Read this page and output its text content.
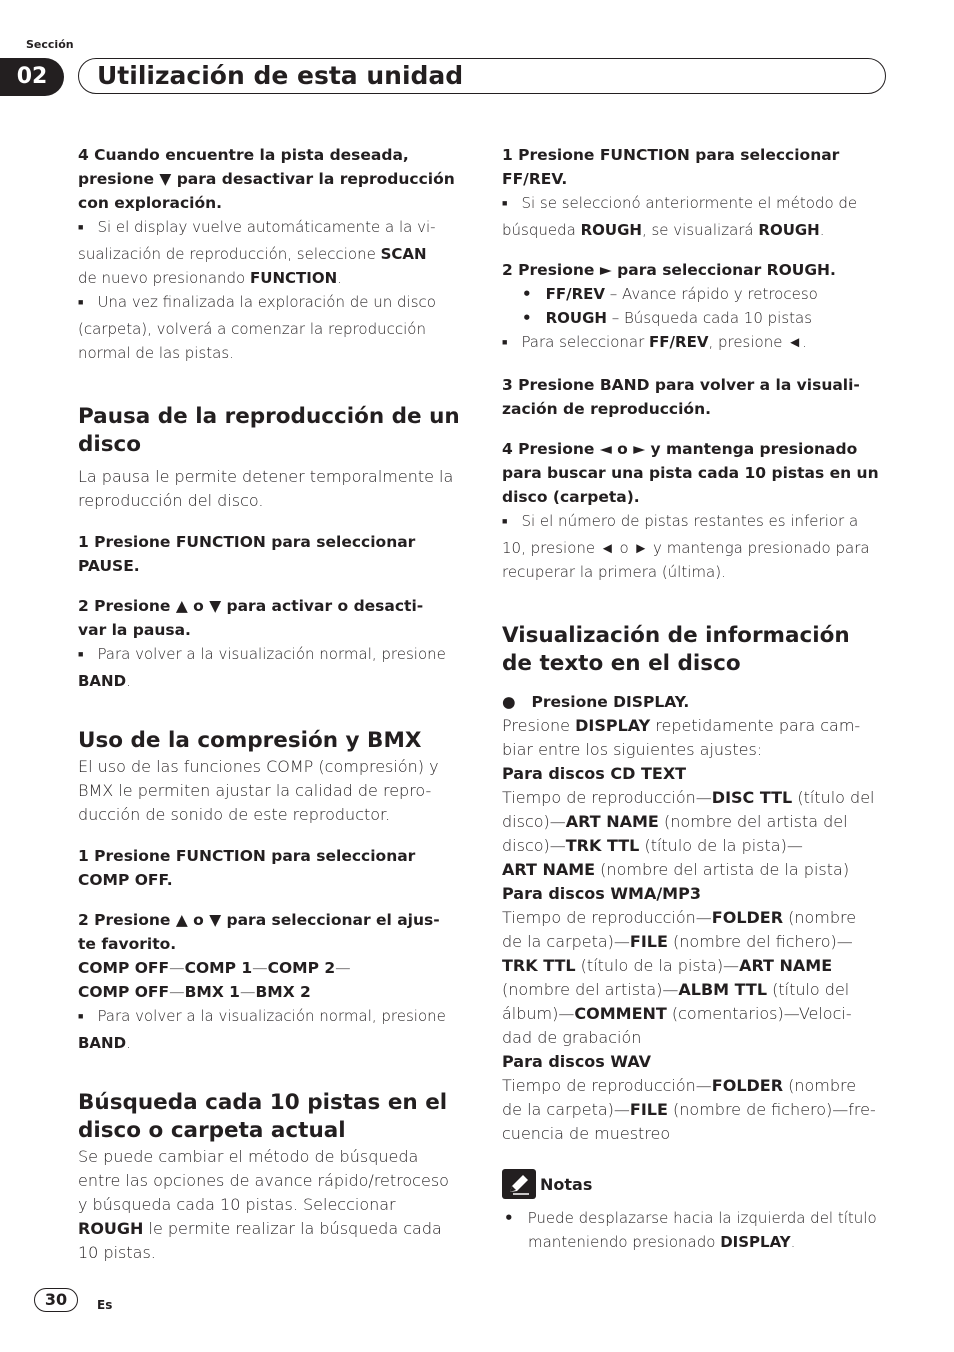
Sección
02	Utilización de esta unidad

4 Cuando encuentre la pista deseada,

presione ▼ para desactivar la reproducción

con exploración.

■ Si el display vuelve automáticamente a la vi-

sualización de reproducción, seleccione SCAN

de nuevo presionando FUNCTION.

■ Una vez finalizada la exploración de un disco

(carpeta), volverá a comenzar la reproducción

normal de las pistas.

Pausa de la reproducción de un

disco

La pausa le permite detener temporalmente la

reproducción del disco.

1 Presione FUNCTION para seleccionar

PAUSE.

2 Presione ▲ o ▼ para activar o desacti-

var la pausa.

■ Para volver a la visualización normal, presione

BAND.

Uso de la compresión y BMX

El uso de las funciones COMP (compresión) y

BMX le permiten ajustar la calidad de repro-

ducción de sonido de este reproductor.

1 Presione FUNCTION para seleccionar

COMP OFF.

2 Presione ▲ o ▼ para seleccionar el ajus-

te favorito.

COMP OFF—COMP 1—COMP 2—

COMP OFF—BMX 1—BMX 2

■ Para volver a la visualización normal, presione

BAND.

Búsqueda cada 10 pistas en el

disco o carpeta actual

Se puede cambiar el método de búsqueda

entre las opciones de avance rápido/retroceso

y búsqueda cada 10 pistas. Seleccionar

ROUGH le permite realizar la búsqueda cada

10 pistas.

1 Presione FUNCTION para seleccionar

FF/REV.

■ Si se seleccionó anteriormente el método de

búsqueda ROUGH, se visualizará ROUGH.

2 Presione ► para seleccionar ROUGH.

• FF/REV – Avance rápido y retroceso

• ROUGH – Búsqueda cada 10 pistas

■ Para seleccionar FF/REV, presione ◄.

3 Presione BAND para volver a la visuali-

zación de reproducción.

4 Presione ◄ o ► y mantenga presionado

para buscar una pista cada 10 pistas en un

disco (carpeta).

■ Si el número de pistas restantes es inferior a

10, presione ◄ o ► y mantenga presionado para

recuperar la primera (última).

Visualización de información

de texto en el disco

● Presione DISPLAY.

Presione DISPLAY repetidamente para cam-

biar entre los siguientes ajustes:

Para discos CD TEXT

Tiempo de reproducción—DISC TTL (título del

disco)—ART NAME (nombre del artista del

disco)—TRK TTL (título de la pista)—

ART NAME (nombre del artista de la pista)

Para discos WMA/MP3

Tiempo de reproducción—FOLDER (nombre

de la carpeta)—FILE (nombre del fichero)—

TRK TTL (título de la pista)—ART NAME

(nombre del artista)—ALBM TTL (título del

álbum)—COMMENT (comentarios)—Veloci-

dad de grabación

Para discos WAV

Tiempo de reproducción—FOLDER (nombre

de la carpeta)—FILE (nombre de fichero)—fre-

cuencia de muestreo

Notas

• Puede desplazarse hacia la izquierda del título

manteniendo presionado DISPLAY.

30	Es
